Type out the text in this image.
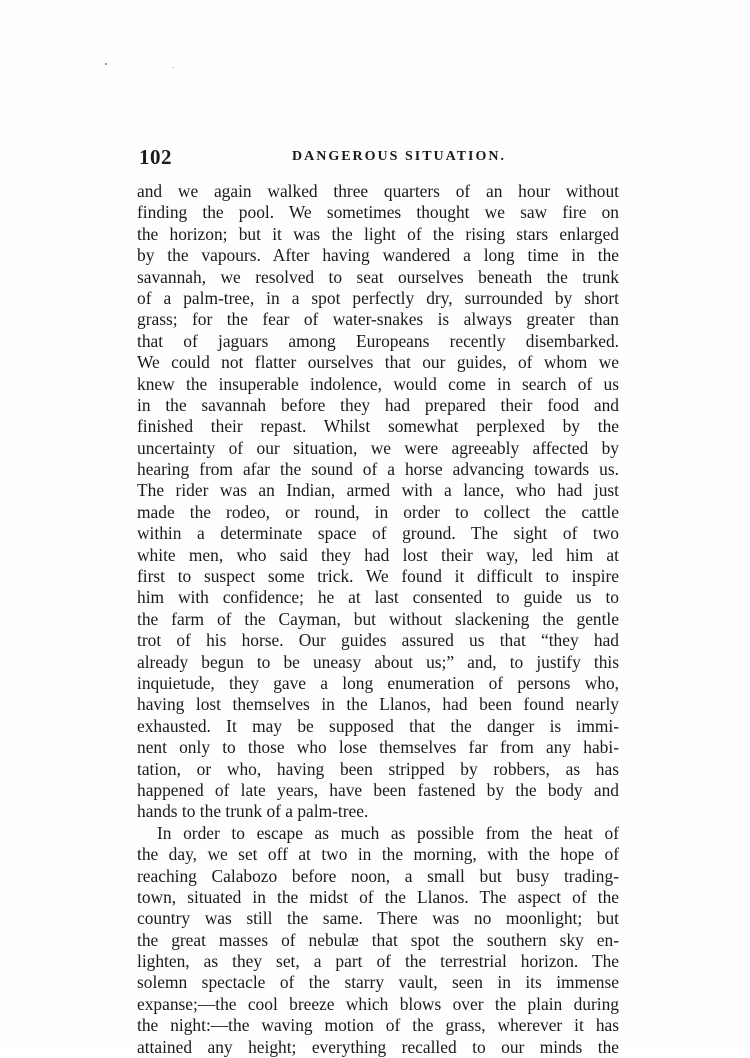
102	DANGEROUS SITUATION.
and we again walked three quarters of an hour without
finding the pool. We sometimes thought we saw fire on
the horizon; but it was the light of the rising stars enlarged
by the vapours. After having wandered a long time in the
savannah, we resolved to seat ourselves beneath the trunk
of a palm-tree, in a spot perfectly dry, surrounded by short
grass; for the fear of water-snakes is always greater than
that of jaguars among Europeans recently disembarked.
We could not flatter ourselves that our guides, of whom we
knew the insuperable indolence, would come in search of us
in the savannah before they had prepared their food and
finished their repast. Whilst somewhat perplexed by the
uncertainty of our situation, we were agreeably affected by
hearing from afar the sound of a horse advancing towards us.
The rider was an Indian, armed with a lance, who had just
made the rodeo, or round, in order to collect the cattle
within a determinate space of ground. The sight of two
white men, who said they had lost their way, led him at
first to suspect some trick. We found it difficult to inspire
him with confidence; he at last consented to guide us to
the farm of the Cayman, but without slackening the gentle
trot of his horse. Our guides assured us that “they had
already begun to be uneasy about us;” and, to justify this
inquietude, they gave a long enumeration of persons who,
having lost themselves in the Llanos, had been found nearly
exhausted. It may be supposed that the danger is immi-
nent only to those who lose themselves far from any habi-
tation, or who, having been stripped by robbers, as has
happened of late years, have been fastened by the body and
hands to the trunk of a palm-tree.
In order to escape as much as possible from the heat of
the day, we set off at two in the morning, with the hope of
reaching Calabozo before noon, a small but busy trading-
town, situated in the midst of the Llanos. The aspect of the
country was still the same. There was no moonlight; but
the great masses of nebulæ that spot the southern sky en-
lighten, as they set, a part of the terrestrial horizon. The
solemn spectacle of the starry vault, seen in its immense
expanse;—the cool breeze which blows over the plain during
the night:—the waving motion of the grass, wherever it has
attained any height; everything recalled to our minds the
